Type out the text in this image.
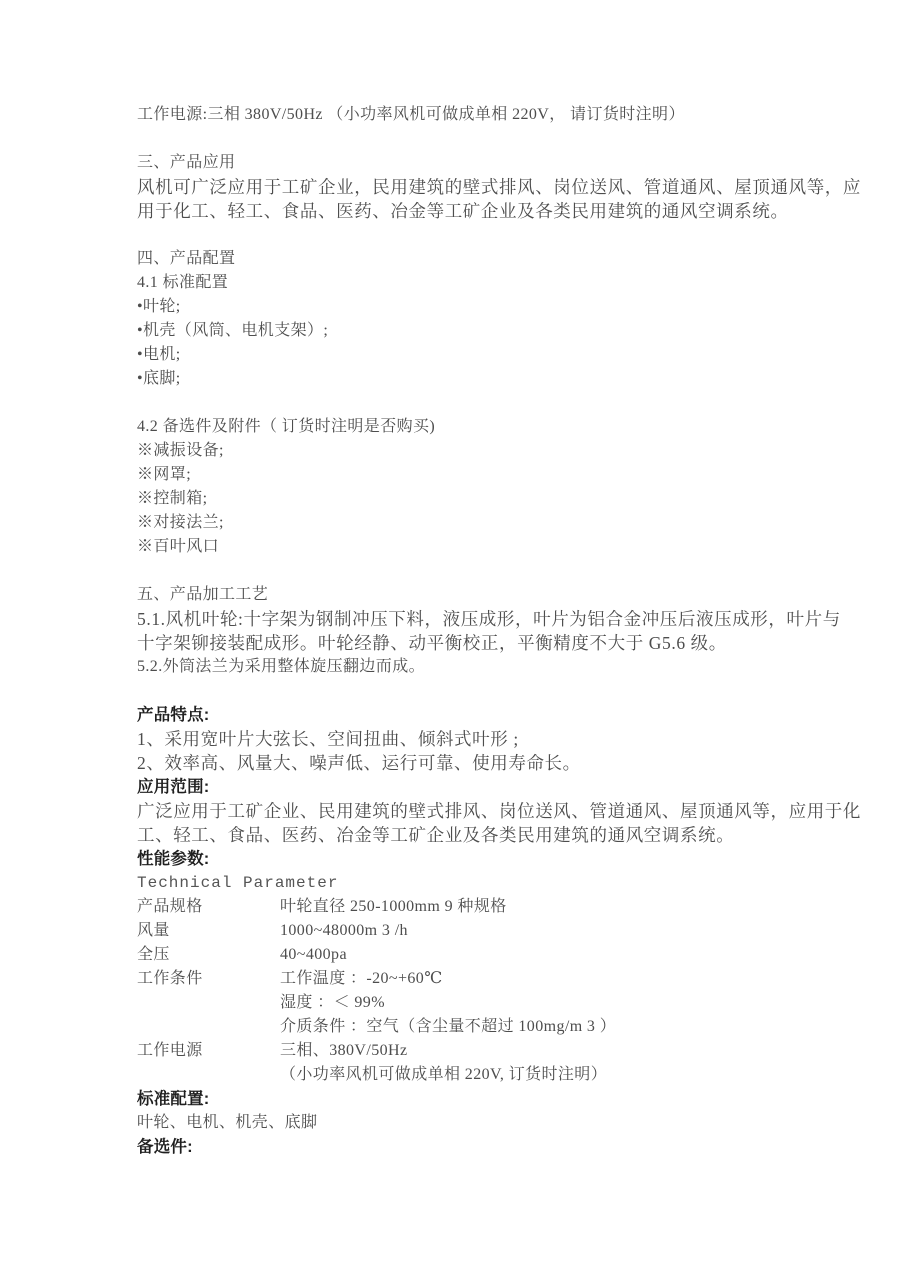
工作电源:三相 380V/50Hz （小功率风机可做成单相 220V， 请订货时注明）
三、产品应用
风机可广泛应用于工矿企业，民用建筑的壁式排风、岗位送风、管道通风、屋顶通风等，应
用于化工、轻工、食品、医药、冶金等工矿企业及各类民用建筑的通风空调系统。
四、产品配置
4.1 标准配置
•叶轮;
•机壳（风筒、电机支架）;
•电机;
•底脚;
4.2 备选件及附件（ 订货时注明是否购买)
※减振设备;
※网罩;
※控制箱;
※对接法兰;
※百叶风口
五、产品加工工艺
5.1.风机叶轮:十字架为钢制冲压下料，液压成形，叶片为铝合金冲压后液压成形，叶片与
十字架铆接装配成形。叶轮经静、动平衡校正，平衡精度不大于 G5.6 级。
5.2.外筒法兰为采用整体旋压翻边而成。
产品特点:
1、采用宽叶片大弦长、空间扭曲、倾斜式叶形 ;
2、效率高、风量大、噪声低、运行可靠、使用寿命长。
应用范围:
广泛应用于工矿企业、民用建筑的壁式排风、岗位送风、管道通风、屋顶通风等，应用于化
工、轻工、食品、医药、冶金等工矿企业及各类民用建筑的通风空调系统。
性能参数:
Technical Parameter
产品规格	叶轮直径 250-1000mm 9 种规格
风量	1000~48000m 3 /h
全压	40~400pa
工作条件	工作温度 ：-20~+60℃
湿度 ：＜ 99%
介质条件 ：空气（含尘量不超过 100mg/m 3 ）
工作电源	三相、380V/50Hz
（小功率风机可做成单相 220V, 订货时注明）
标准配置:
叶轮、电机、机壳、底脚
备选件:
